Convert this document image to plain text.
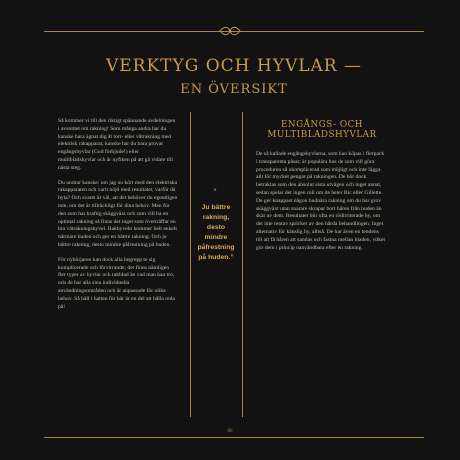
VERKTYG OCH HYVLAR —
EN ÖVERSIKT

Så kommer vi till den riktigt spännande avdelningen i avsnittet om rakning! Som många andra har du kanske bara ägnat dig åt torr- eller våtrakning med elektrisk rakapparat, kanske har du bara provat engångshyvlar (Gud förbjude!) eller multibladshyvlar och är nyfiken på att gå vidare till nästa steg.

Du undrar kanske: om jag nu kört med den elektriska rakapparaten och varit nöjd med resultatet, varför då byta? Och svaret är väl, att det behöver du egentligen inte, om det är tillräckligt för dina behov. Men för den som har kraftig skäggväxt och som vill ha en optimal rakning så finns det inget som överträffar en bra våtrakningshyvel. Rakhyveln kommer helt enkelt närmare huden och ger en bättre rakning. Och ju bättre rakning, desto mindre påfrestning på huden.

För nybörjaren kan dock alla begrepp te sig komplicerade och förvirrande; det finns nämligen fler typer av hyvlar och rakblad än vad man kan tro, och de har alla sina individuella användningsområden och är anpassade för olika behov. Så häll i hatten för här är en del att hålla reda på!

“
Ju bättre rakning, desto mindre påfrestning på huden.”
ENGÅNGS- OCH MULTIBLADSHYVLAR

De så kallade engångshyvlarna, som kan köpas i flerpack i transparenta påsar, är populära hos de som vill göra proceduren så okomplicerad som möjligt och inte lägga allt för mycket pengar på rakningen. De bör dock betraktas som den absolut sista utvägen och inget annat, sedan spelar det ingen roll om de heter Bic eller Gillette. De ger knappast någon hudnära rakning om du har grov skäggväxt utan snarare skrapar bort håren från huden än skär av dem. Resultatet blir ofta en rödirriterade hy, om det inte rentav spricker av den hårda behandlingen. Inget alternativ för känslig hy, alltså. De har även en tendens till att få håren att samlas och fastna mellan bladen, vilket gör dem i princip oanvändbara efter en rakning.

80
